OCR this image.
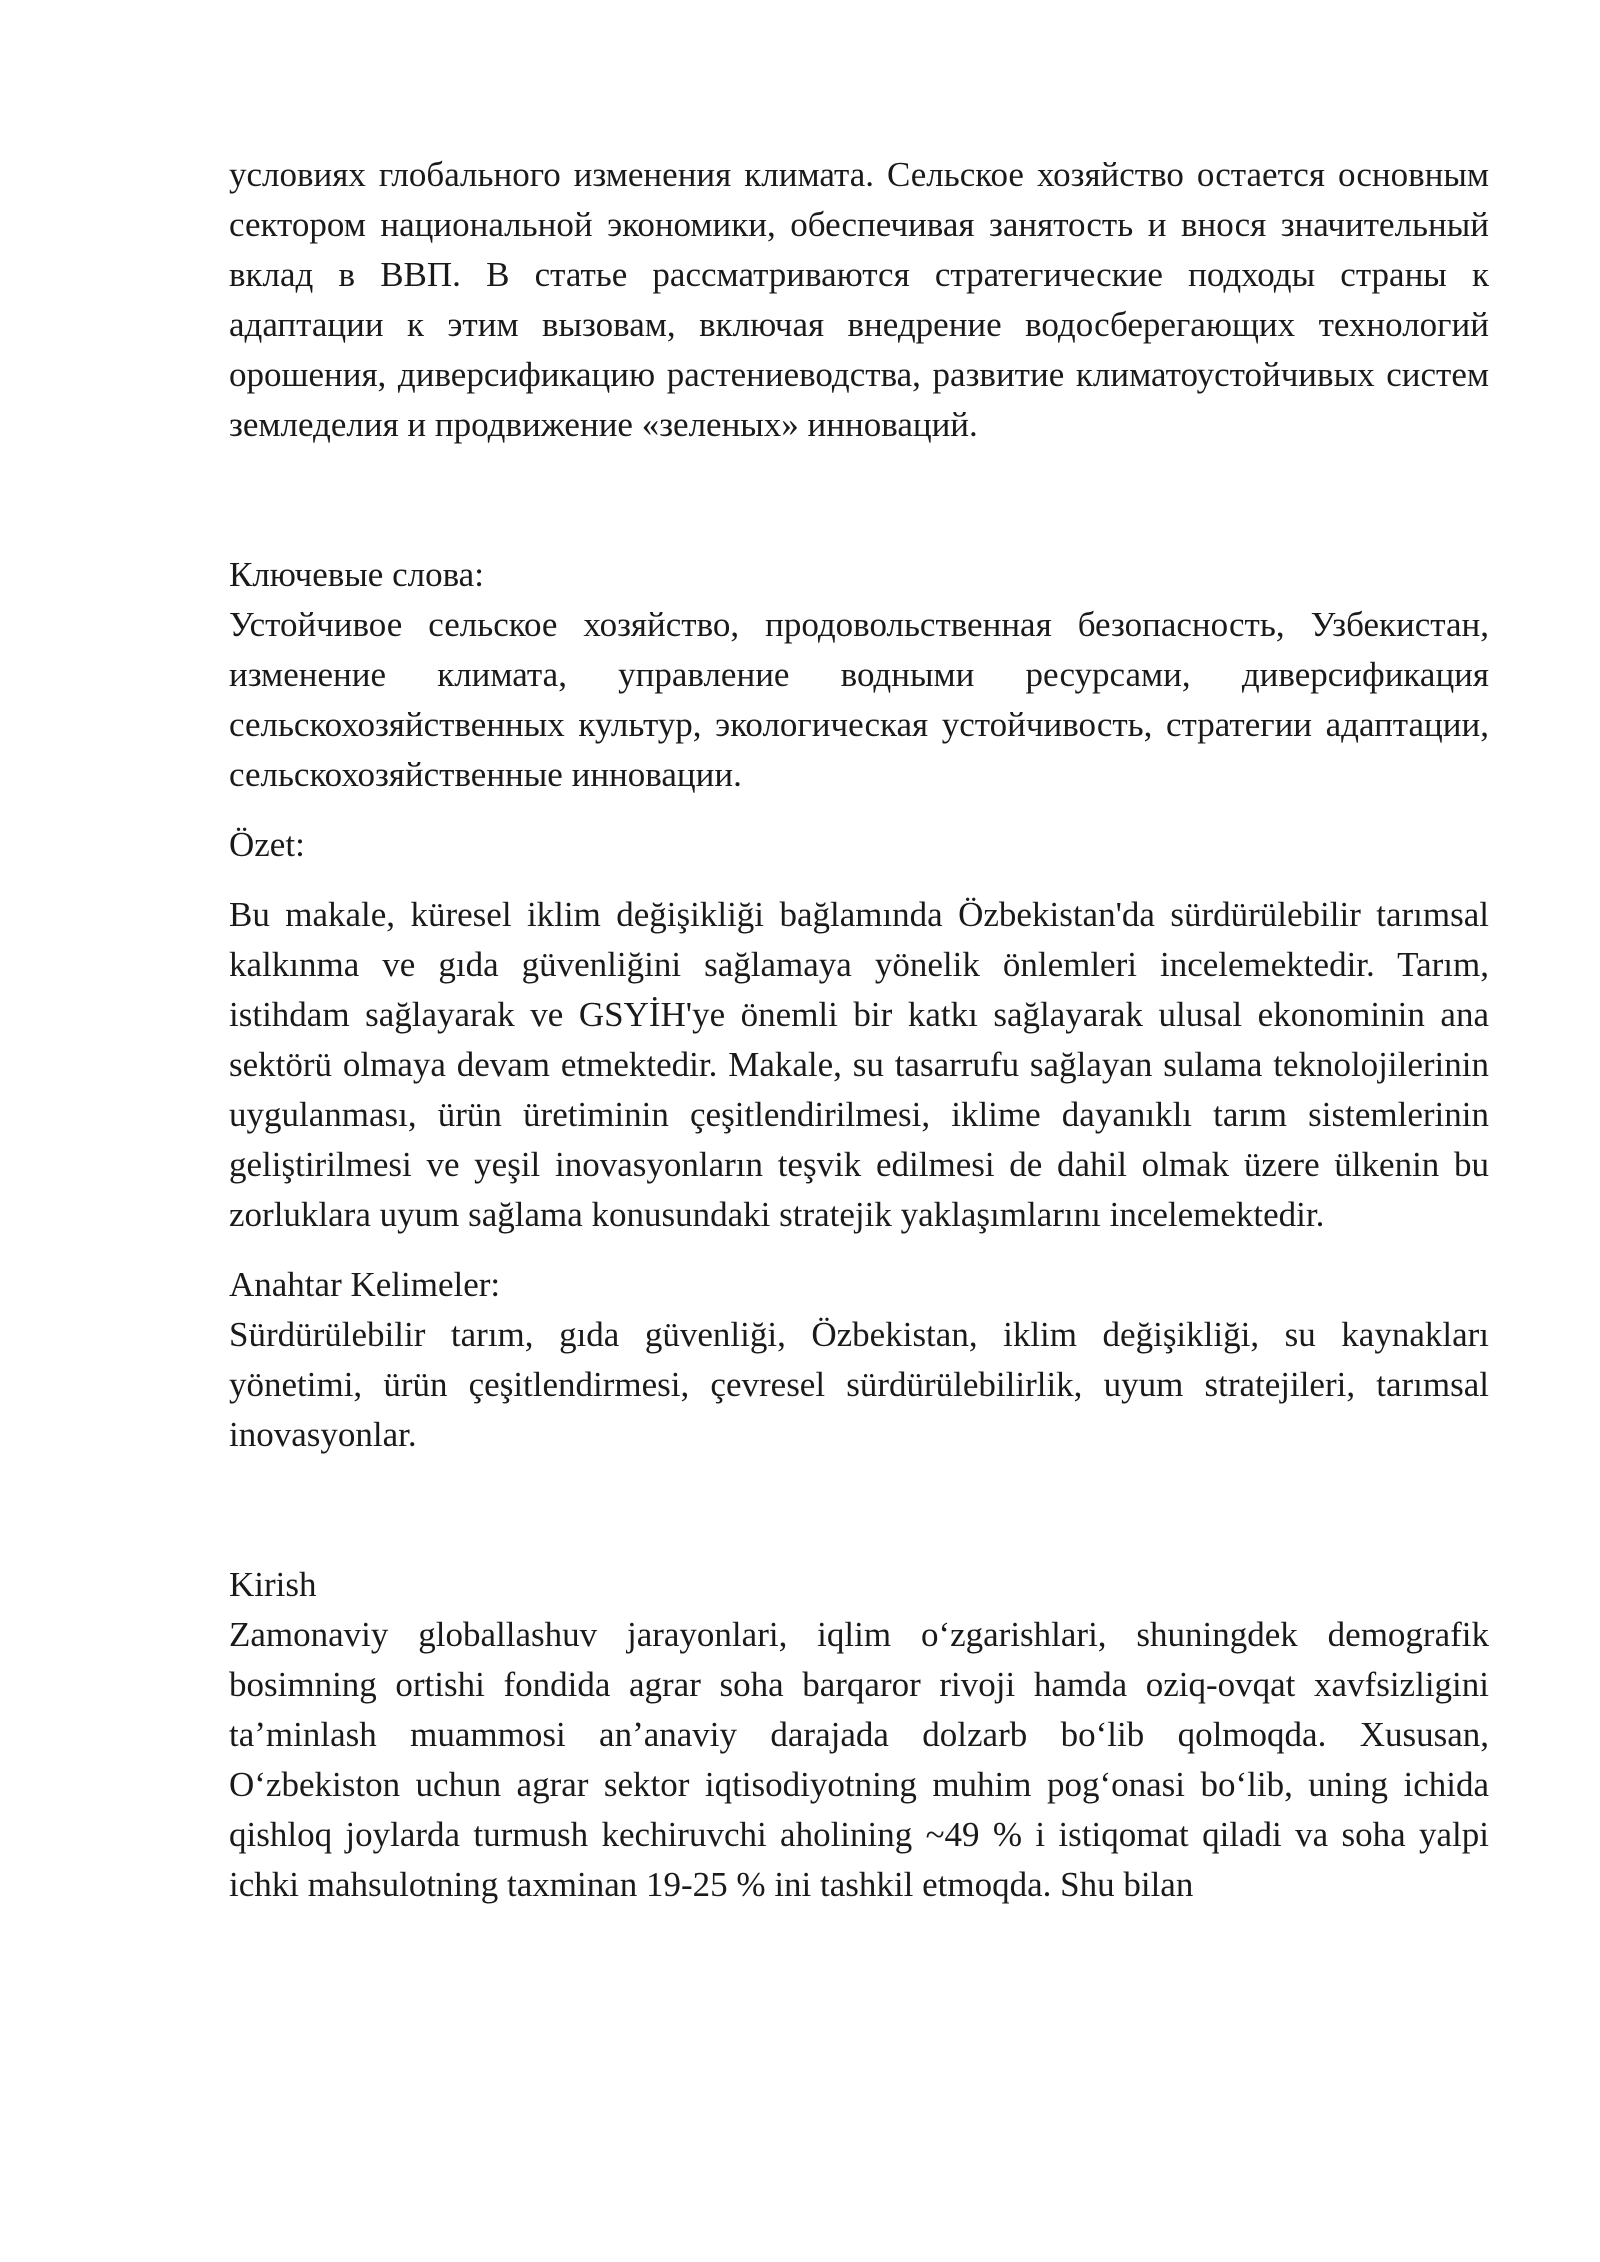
условиях глобального изменения климата. Сельское хозяйство остается основным сектором национальной экономики, обеспечивая занятость и внося значительный вклад в ВВП. В статье рассматриваются стратегические подходы страны к адаптации к этим вызовам, включая внедрение водосберегающих технологий орошения, диверсификацию растениеводства, развитие климатоустойчивых систем земледелия и продвижение «зеленых» инноваций.

Ключевые слова:

Устойчивое сельское хозяйство, продовольственная безопасность, Узбекистан, изменение климата, управление водными ресурсами, диверсификация сельскохозяйственных культур, экологическая устойчивость, стратегии адаптации, сельскохозяйственные инновации.

Özet:

Bu makale, küresel iklim değişikliği bağlamında Özbekistan'da sürdürülebilir tarımsal kalkınma ve gıda güvenliğini sağlamaya yönelik önlemleri incelemektedir. Tarım, istihdam sağlayarak ve GSYİH'ye önemli bir katkı sağlayarak ulusal ekonominin ana sektörü olmaya devam etmektedir. Makale, su tasarrufu sağlayan sulama teknolojilerinin uygulanması, ürün üretiminin çeşitlendirilmesi, iklime dayanıklı tarım sistemlerinin geliştirilmesi ve yeşil inovasyonların teşvik edilmesi de dahil olmak üzere ülkenin bu zorluklara uyum sağlama konusundaki stratejik yaklaşımlarını incelemektedir.

Anahtar Kelimeler:

Sürdürülebilir tarım, gıda güvenliği, Özbekistan, iklim değişikliği, su kaynakları yönetimi, ürün çeşitlendirmesi, çevresel sürdürülebilirlik, uyum stratejileri, tarımsal inovasyonlar.

Kirish

Zamonaviy globallashuv jarayonlari, iqlim oʻzgarishlari, shuningdek demografik bosimning ortishi fondida agrar soha barqaror rivoji hamda oziq-ovqat xavfsizligini taʼminlash muammosi anʼanaviy darajada dolzarb boʻlib qolmoqda. Xususan, Oʻzbekiston uchun agrar sektor iqtisodiyotning muhim pogʻonasi boʻlib, uning ichida qishloq joylarda turmush kechiruvchi aholining ~49 % i istiqomat qiladi va soha yalpi ichki mahsulotning taxminan 19-25 % ini tashkil etmoqda. Shu bilan
